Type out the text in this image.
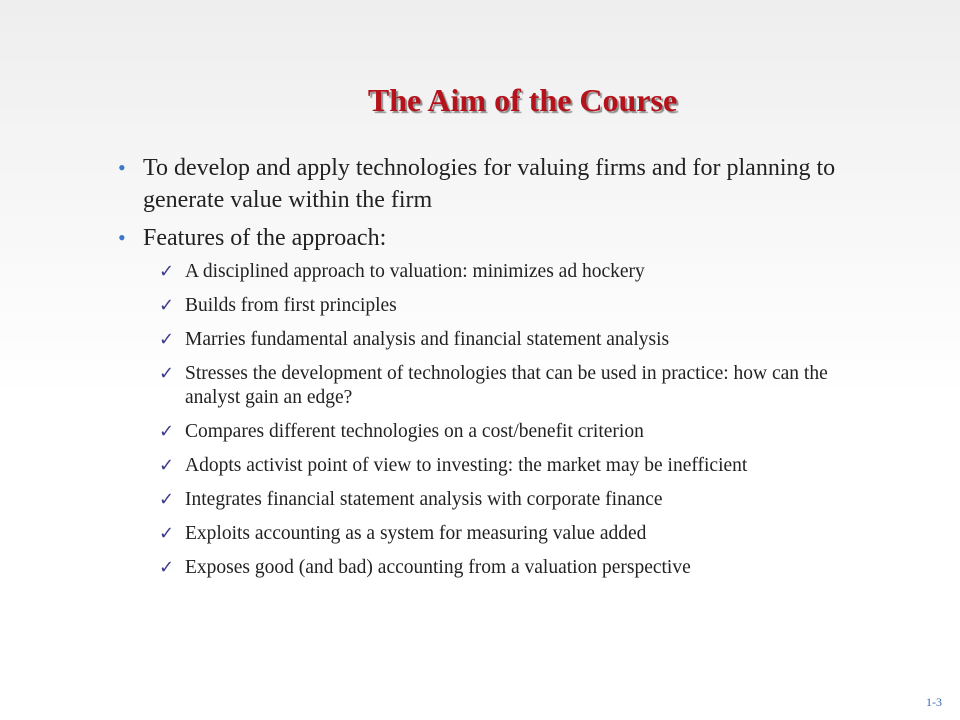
The Aim of the Course
• To develop and apply technologies for valuing firms and for planning to generate value within the firm
• Features of the approach:
✓ A disciplined approach to valuation: minimizes ad hockery
✓ Builds from first principles
✓ Marries fundamental analysis and financial statement analysis
✓ Stresses the development of technologies that can be used in practice: how can the analyst gain an edge?
✓ Compares different technologies on a cost/benefit criterion
✓ Adopts activist point of view to investing: the market may be inefficient
✓ Integrates financial statement analysis with corporate finance
✓ Exploits accounting as a system for measuring value added
✓ Exposes good (and bad) accounting from a valuation perspective
1-3
